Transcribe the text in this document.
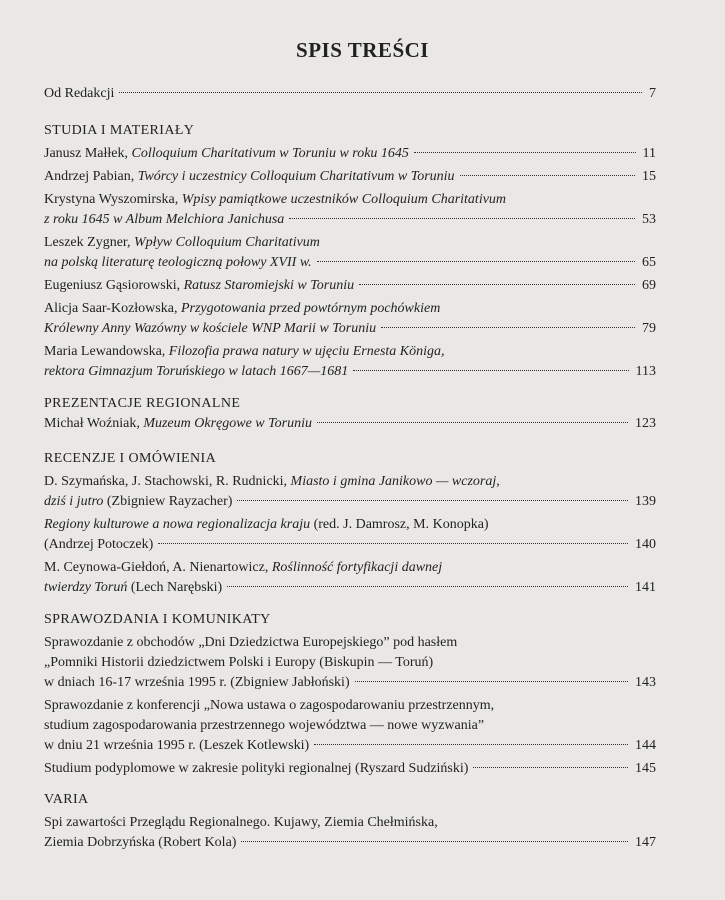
SPIS TREŚCI
Od Redakcji	7
STUDIA I MATERIAŁY
Janusz Małłek, Colloquium Charitativum w Toruniu w roku 1645	11
Andrzej Pabian, Twórcy i uczestnicy Colloquium Charitativum w Toruniu	15
Krystyna Wyszomirska, Wpisy pamiątkowe uczestników Colloquium Charitativum
z roku 1645 w Album Melchiora Janichusa	53
Leszek Zygner, Wpływ Colloquium Charitativum
na polską literaturę teologiczną połowy XVII w.	65
Eugeniusz Gąsiorowski, Ratusz Staromiejski w Toruniu	69
Alicja Saar-Kozłowska, Przygotowania przed powtórnym pochówkiem
Królewny Anny Wazówny w kościele WNP Marii w Toruniu	79
Maria Lewandowska, Filozofia prawa natury w ujęciu Ernesta Königa,
rektora Gimnazjum Toruńskiego w latach 1667—1681	113
PREZENTACJE REGIONALNE
Michał Woźniak, Muzeum Okręgowe w Toruniu	123
RECENZJE I OMÓWIENIA
D. Szymańska, J. Stachowski, R. Rudnicki, Miasto i gmina Janikowo — wczoraj,
dziś i jutro (Zbigniew Rayzacher)	139
Regiony kulturowe a nowa regionalizacja kraju (red. J. Damrosz, M. Konopka)
(Andrzej Potoczek)	140
M. Ceynowa-Giełdoń, A. Nienartowicz, Roślinność fortyfikacji dawnej
twierdzy Toruń (Lech Narębski)	141
SPRAWOZDANIA I KOMUNIKATY
Sprawozdanie z obchodów „Dni Dziedzictwa Europejskiego” pod hasłem
„Pomniki Historii dziedzictwem Polski i Europy (Biskupin — Toruń)
w dniach 16-17 września 1995 r. (Zbigniew Jabłoński)	143
Sprawozdanie z konferencji „Nowa ustawa o zagospodarowaniu przestrzennym,
studium zagospodarowania przestrzennego województwa — nowe wyzwania”
w dniu 21 września 1995 r. (Leszek Kotlewski)	144
Studium podyplomowe w zakresie polityki regionalnej (Ryszard Sudziński)	145
VARIA
Spi zawartości Przeglądu Regionalnego. Kujawy, Ziemia Chełmińska,
Ziemia Dobrzyńska (Robert Kola)	147
